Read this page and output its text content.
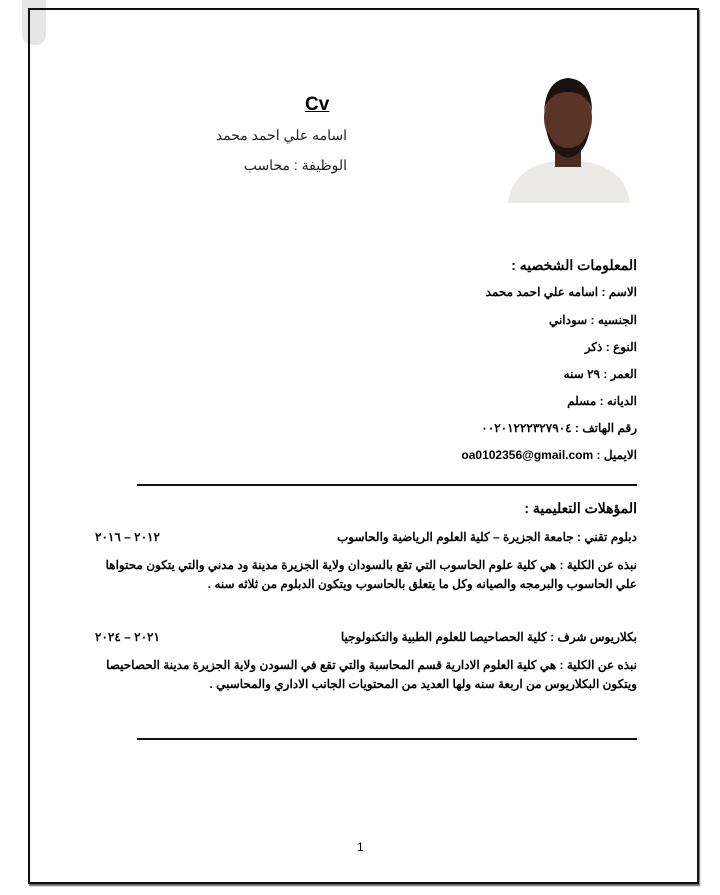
Cv
اسامه علي احمد محمد
الوظيفة : محاسب
المعلومات الشخصيه :
الاسم : اسامه علي احمد محمد
الجنسيه : سوداني
النوع : ذكر
العمر : ٢٩ سنه
الديانه : مسلم
رقم الهاتف : ٠٠٢٠١٢٢٢٣٢٧٩٠٤
الايميل : oa0102356@gmail.com
المؤهلات التعليمية :
دبلوم تقني : جامعة الجزيرة – كلية العلوم الرياضية والحاسوب
٢٠١٢ – ٢٠١٦
نبذه عن الكلية : هي كلية علوم الحاسوب التي تقع بالسودان ولاية الجزيرة مدينة ود مدني والتي يتكون محتواها علي الحاسوب والبرمجه والصيانه وكل ما يتعلق بالحاسوب ويتكون الدبلوم من ثلاثه سنه .
بكلاريوس شرف : كلية الحصاحيصا للعلوم الطبية والتكنولوجيا
٢٠٢١ – ٢٠٢٤
نبذه عن الكلية : هي كلية العلوم الادارية قسم المحاسبة والتي تقع في السودن ولاية الجزيرة مدينة الحصاحيصا ويتكون البكلاريوس من اربعة سنه ولها العديد من المحتويات الجانب الاداري والمحاسبي .
1
